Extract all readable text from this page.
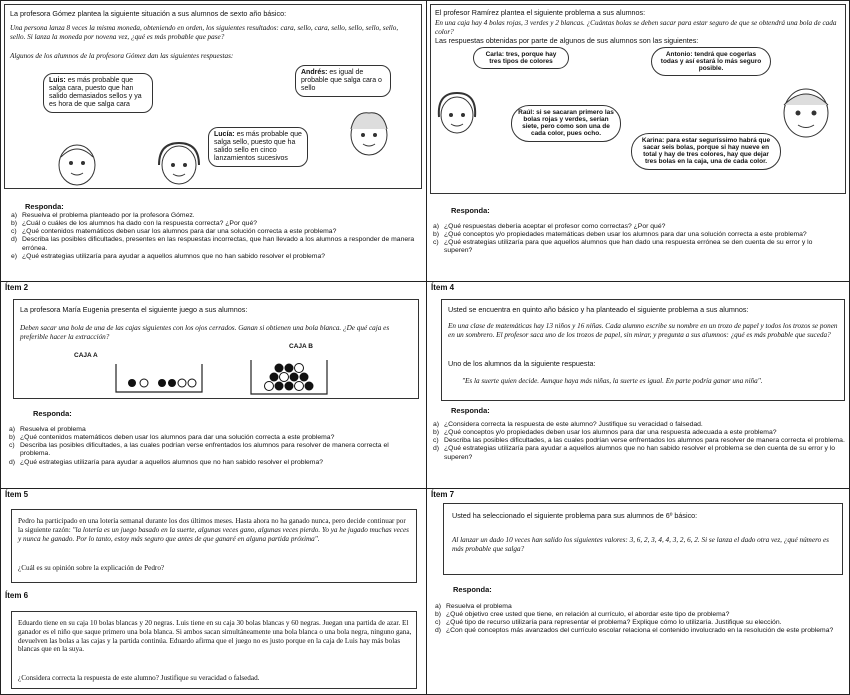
La profesora Gómez plantea la siguiente situación a sus alumnos de sexto año básico:

Una persona lanza 8 veces la misma moneda, obteniendo en orden, los siguientes resultados: cara, sello, cara, sello, sello, sello, sello, sello. Si lanza la moneda por novena vez, ¿qué es más probable que pase?

Algunos de los alumnos de la profesora Gómez dan las siguientes respuestas:

Luis: es más probable que salga cara, puesto que han salido demasiados sellos y ya es hora de que salga cara
Andrés: es igual de probable que salga cara o sello
Lucía: es más probable que salga sello, puesto que ha salido sello en cinco lanzamientos sucesivos
Responda:
a) Resuelva el problema planteado por la profesora Gómez.
b) ¿Cuál o cuáles de los alumnos ha dado con la respuesta correcta? ¿Por qué?
c) ¿Qué contenidos matemáticos deben usar los alumnos para dar una solución correcta a este problema?
d) Describa las posibles dificultades, presentes en las respuestas incorrectas, que han llevado a los alumnos a responder de manera errónea.
e) ¿Qué estrategias utilizaría para ayudar a aquellos alumnos que no han sabido resolver el problema?

El profesor Ramírez plantea el siguiente problema a sus alumnos:

En una caja hay 4 bolas rojas, 3 verdes y 2 blancas. ¿Cuántas bolas se deben sacar para estar seguro de que se obtendrá una bola de cada color?

Las respuestas obtenidas por parte de algunos de sus alumnos son las siguientes:

Carla: tres, porque hay tres tipos de colores
Antonio: tendrá que cogerlas todas y así estará lo más seguro posible.
Raúl: si se sacaran primero las bolas rojas y verdes, serían siete, pero como son una de cada color, pues ocho.
Karina: para estar seguríssimo habrá que sacar seis bolas, porque si hay nueve en total y hay de tres colores, hay que dejar tres bolas en la caja, una de cada color.
Responda:
a) ¿Qué respuestas debería aceptar el profesor como correctas? ¿Por qué?
b) ¿Qué conceptos y/o propiedades matemáticas deben usar los alumnos para dar una solución correcta a este problema?
c) ¿Qué estrategias utilizaría para que aquellos alumnos que han dado una respuesta errónea se den cuenta de su error y lo superen?
Ítem 2	Ítem 4

La profesora María Eugenia presenta el siguiente juego a sus alumnos:

Deben sacar una bola de una de las cajas siguientes con los ojos cerrados. Ganan si obtienen una bola blanca. ¿De qué caja es preferible hacer la extracción?

CAJA A
CAJA B
Responda:
a) Resuelva el problema
b) ¿Qué contenidos matemáticos deben usar los alumnos para dar una solución correcta a este problema?
c) Describa las posibles dificultades, a las cuales podrían verse enfrentados los alumnos para resolver de manera correcta el problema.
d) ¿Qué estrategias utilizaría para ayudar a aquellos alumnos que no han sabido resolver el problema?

Usted se encuentra en quinto año básico y ha planteado el siguiente problema a sus alumnos:

En una clase de matemáticas hay 13 niños y 16 niñas. Cada alumno escribe su nombre en un trozo de papel y todos los trozos se ponen en un sombrero. El profesor saca uno de los trozos de papel, sin mirar, y pregunta a sus alumnos: ¿qué es más probable que suceda?

Uno de los alumnos da la siguiente respuesta:

"Es la suerte quien decide. Aunque haya más niñas, la suerte es igual. En parte podría ganar una niña".

Responda:
a) ¿Considera correcta la respuesta de este alumno? Justifique su veracidad o falsedad.
b) ¿Qué conceptos y/o propiedades deben usar los alumnos para dar una respuesta adecuada a este problema?
c) Describa las posibles dificultades, a las cuales podrían verse enfrentados los alumnos para resolver de manera correcta el problema.
d) ¿Qué estrategias utilizaría para ayudar a aquellos alumnos que no han sabido resolver el problema se den cuenta de su error y lo superen?
Ítem 5	Ítem 7

Pedro ha participado en una lotería semanal durante los dos últimos meses. Hasta ahora no ha ganado nunca, pero decide continuar por la siguiente razón: "la lotería es un juego basado en la suerte, algunas veces gano, algunas veces pierdo. Yo ya he jugado muchas veces y nunca he ganado. Por lo tanto, estoy más seguro que antes de que ganaré en alguna partida próxima".

¿Cuál es su opinión sobre la explicación de Pedro?

Ítem 6

Eduardo tiene en su caja 10 bolas blancas y 20 negras. Luis tiene en su caja 30 bolas blancas y 60 negras. Juegan una partida de azar. El ganador es el niño que saque primero una bola blanca. Si ambos sacan simultáneamente una bola blanca o una bola negra, ninguno gana, devuelven las bolas a las cajas y la partida continúa. Eduardo afirma que el juego no es justo porque en la caja de Luis hay más bolas blancas que en la suya.

¿Considera correcta la respuesta de este alumno? Justifique su veracidad o falsedad.

Usted ha seleccionado el siguiente problema para sus alumnos de 6º básico:

Al lanzar un dado 10 veces han salido los siguientes valores: 3, 6, 2, 3, 4, 4, 3, 2, 6, 2. Si se lanza el dado otra vez, ¿qué número es más probable que salga?

Responda:
a) Resuelva el problema
b) ¿Qué objetivo cree usted que tiene, en relación al currículo, el abordar este tipo de problema?
c) ¿Qué tipo de recurso utilizaría para representar el problema? Explique cómo lo utilizaría. Justifique su elección.
d) ¿Con qué conceptos más avanzados del currículo escolar relaciona el contenido involucrado en la resolución de este problema?
